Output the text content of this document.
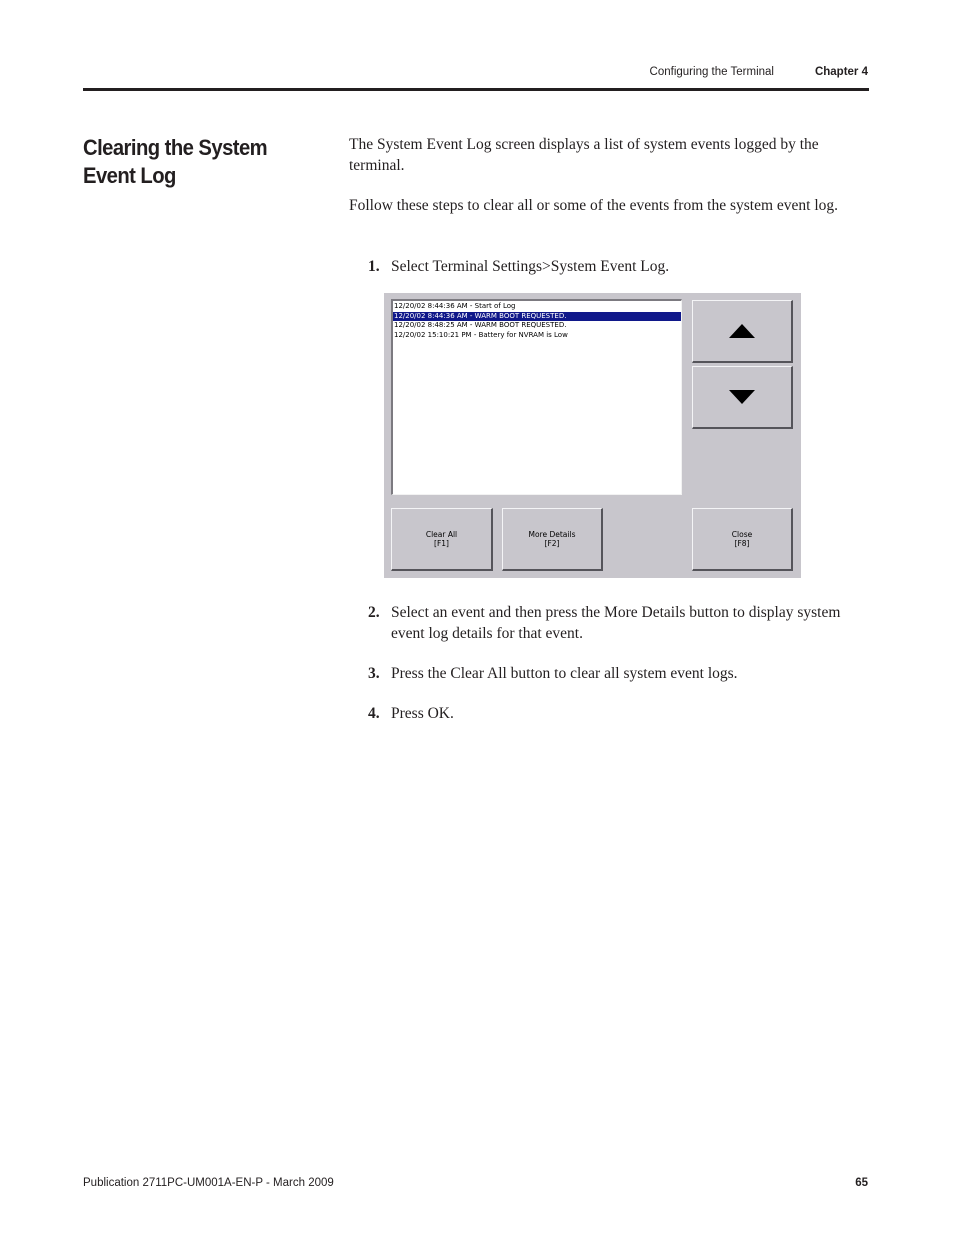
Configuring the Terminal	Chapter 4
Clearing the System Event Log

The System Event Log screen displays a list of system events logged by the terminal.

Follow these steps to clear all or some of the events from the system event log.

1. Select Terminal Settings>System Event Log.
12/20/02 8:44:36 AM - Start of Log
12/20/02 8:44:36 AM - WARM BOOT REQUESTED.
12/20/02 8:48:25 AM - WARM BOOT REQUESTED.
12/20/02 15:10:21 PM - Battery for NVRAM is Low
Clear All
[F1]
More Details
[F2]
Close
[F8]
2. Select an event and then press the More Details button to display system event log details for that event.
3. Press the Clear All button to clear all system event logs.
4. Press OK.
Publication 2711PC-UM001A-EN-P - March 2009	65
